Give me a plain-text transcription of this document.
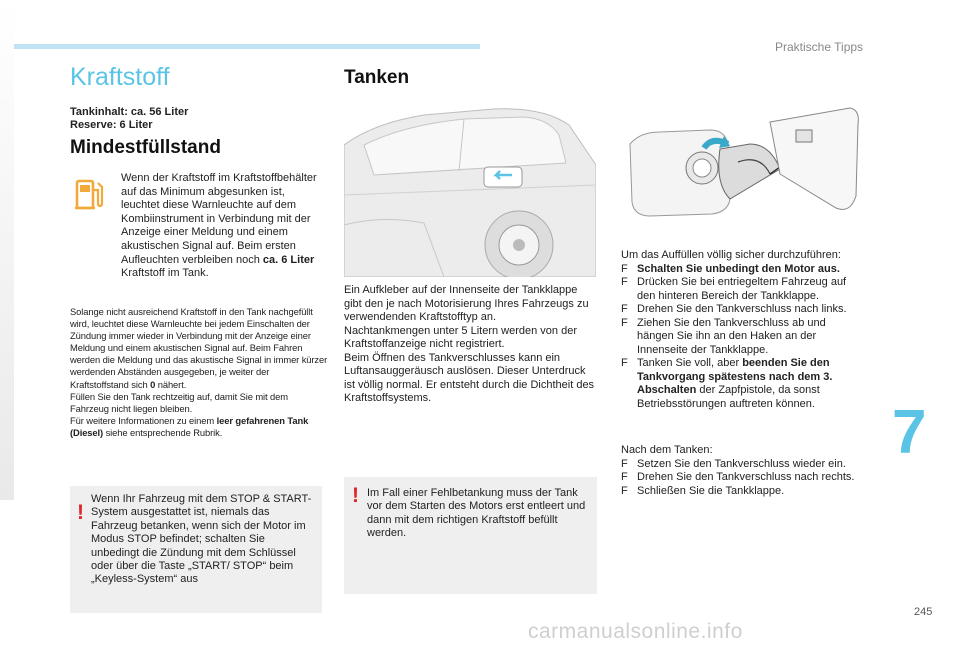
Praktische Tipps
7
245
carmanualsonline.info
Kraftstoff
Tankinhalt: ca. 56 Liter
Reserve: 6 Liter
Mindestfüllstand
Wenn der Kraftstoff im Kraftstoffbehälter auf das Minimum abgesunken ist, leuchtet diese Warnleuchte auf dem Kombiinstrument in Verbindung mit der Anzeige einer Meldung und einem akustischen Signal auf. Beim ersten Aufleuchten verbleiben noch ca. 6 Liter Kraftstoff im Tank.

Solange nicht ausreichend Kraftstoff in den Tank nachgefüllt wird, leuchtet diese Warnleuchte bei jedem Einschalten der Zündung immer wieder in Verbindung mit der Anzeige einer Meldung und einem akustischen Signal auf. Beim Fahren werden die Meldung und das akustische Signal in immer kürzer werdenden Abständen ausgegeben, je weiter der Kraftstoffstand sich 0 nähert.

Füllen Sie den Tank rechtzeitig auf, damit Sie mit dem Fahrzeug nicht liegen bleiben.

Für weitere Informationen zu einem leer gefahrenen Tank (Diesel) siehe entsprechende Rubrik.

!
Wenn Ihr Fahrzeug mit dem STOP & START-System ausgestattet ist, niemals das Fahrzeug betanken, wenn sich der Motor im Modus STOP befindet; schalten Sie unbedingt die Zündung mit dem Schlüssel oder über die Taste „START/ STOP“ beim „Keyless-System“ aus
Tanken

Ein Aufkleber auf der Innenseite der Tankklappe gibt den je nach Motorisierung Ihres Fahrzeugs zu verwendenden Kraftstofftyp an.

Nachtankmengen unter 5 Litern werden von der Kraftstoffanzeige nicht registriert.

Beim Öffnen des Tankverschlusses kann ein Luftansauggeräusch auslösen. Dieser Unterdruck ist völlig normal. Er entsteht durch die Dichtheit des Kraftstoffsystems.

! Im Fall einer Fehlbetankung muss der Tank vor dem Starten des Motors erst entleert und dann mit dem richtigen Kraftstoff befüllt werden.

Um das Auffüllen völlig sicher durchzuführen:

F Schalten Sie unbedingt den Motor aus.
F Drücken Sie bei entriegeltem Fahrzeug auf den hinteren Bereich der Tankklappe.
F Drehen Sie den Tankverschluss nach links.
F Ziehen Sie den Tankverschluss ab und hängen Sie ihn an den Haken an der Innenseite der Tankklappe.
F Tanken Sie voll, aber beenden Sie den Tankvorgang spätestens nach dem 3. Abschalten der Zapfpistole, da sonst Betriebsstörungen auftreten können.

Nach dem Tanken:

F Setzen Sie den Tankverschluss wieder ein.
F Drehen Sie den Tankverschluss nach rechts.
F Schließen Sie die Tankklappe.
